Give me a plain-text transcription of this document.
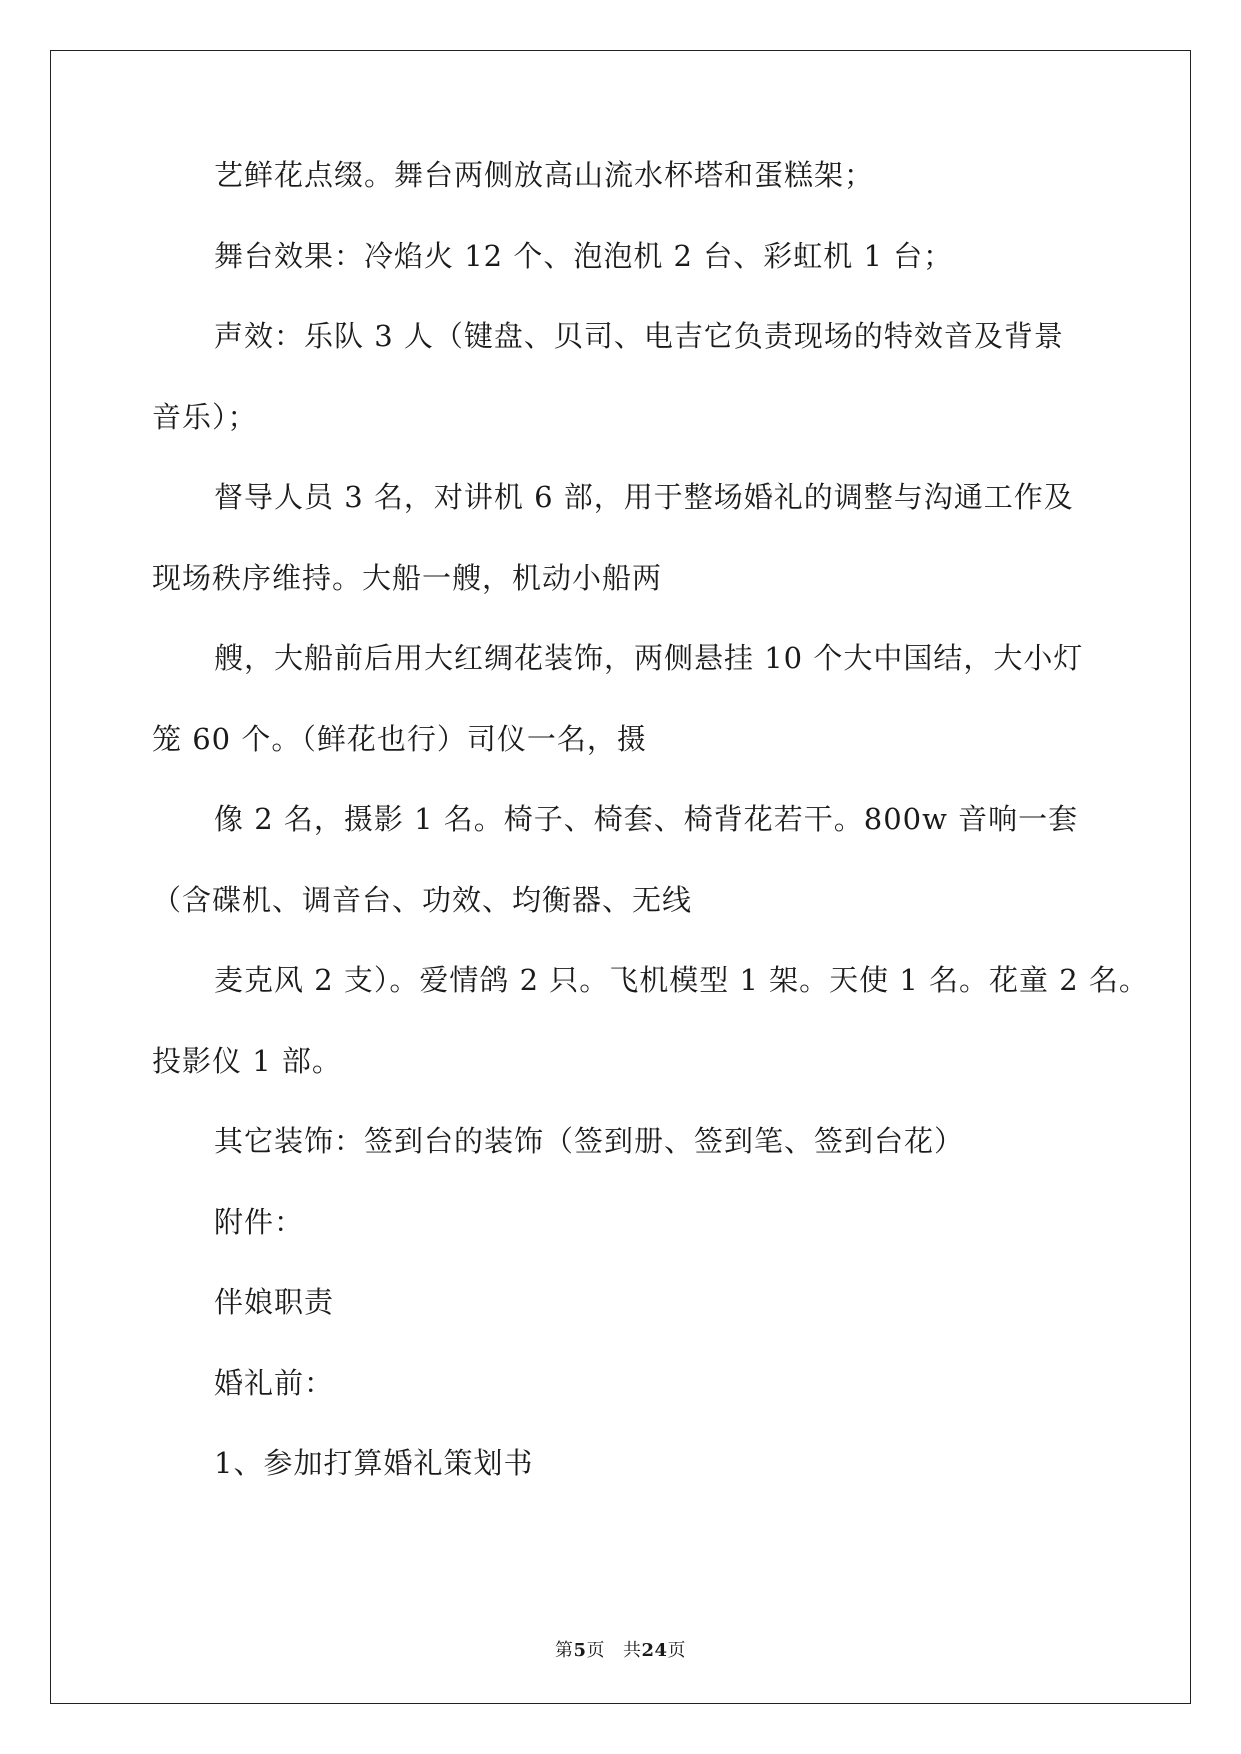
艺鲜花点缀。舞台两侧放高山流水杯塔和蛋糕架；
舞台效果：冷焰火 12 个、泡泡机 2 台、彩虹机 1 台；
声效：乐队 3 人（键盘、贝司、电吉它负责现场的特效音及背景
音乐）；
督导人员 3 名，对讲机 6 部，用于整场婚礼的调整与沟通工作及
现场秩序维持。大船一艘，机动小船两
艘，大船前后用大红绸花装饰，两侧悬挂 10 个大中国结，大小灯
笼 60 个。（鲜花也行）司仪一名，摄
像 2 名，摄影 1 名。椅子、椅套、椅背花若干。800w 音响一套
（含碟机、调音台、功效、均衡器、无线
麦克风 2 支）。爱情鸽 2 只。飞机模型 1 架。天使 1 名。花童 2 名。
投影仪 1 部。
其它装饰：签到台的装饰（签到册、签到笔、签到台花）
附件：
伴娘职责
婚礼前：
1、参加打算婚礼策划书
第5页 共24页
